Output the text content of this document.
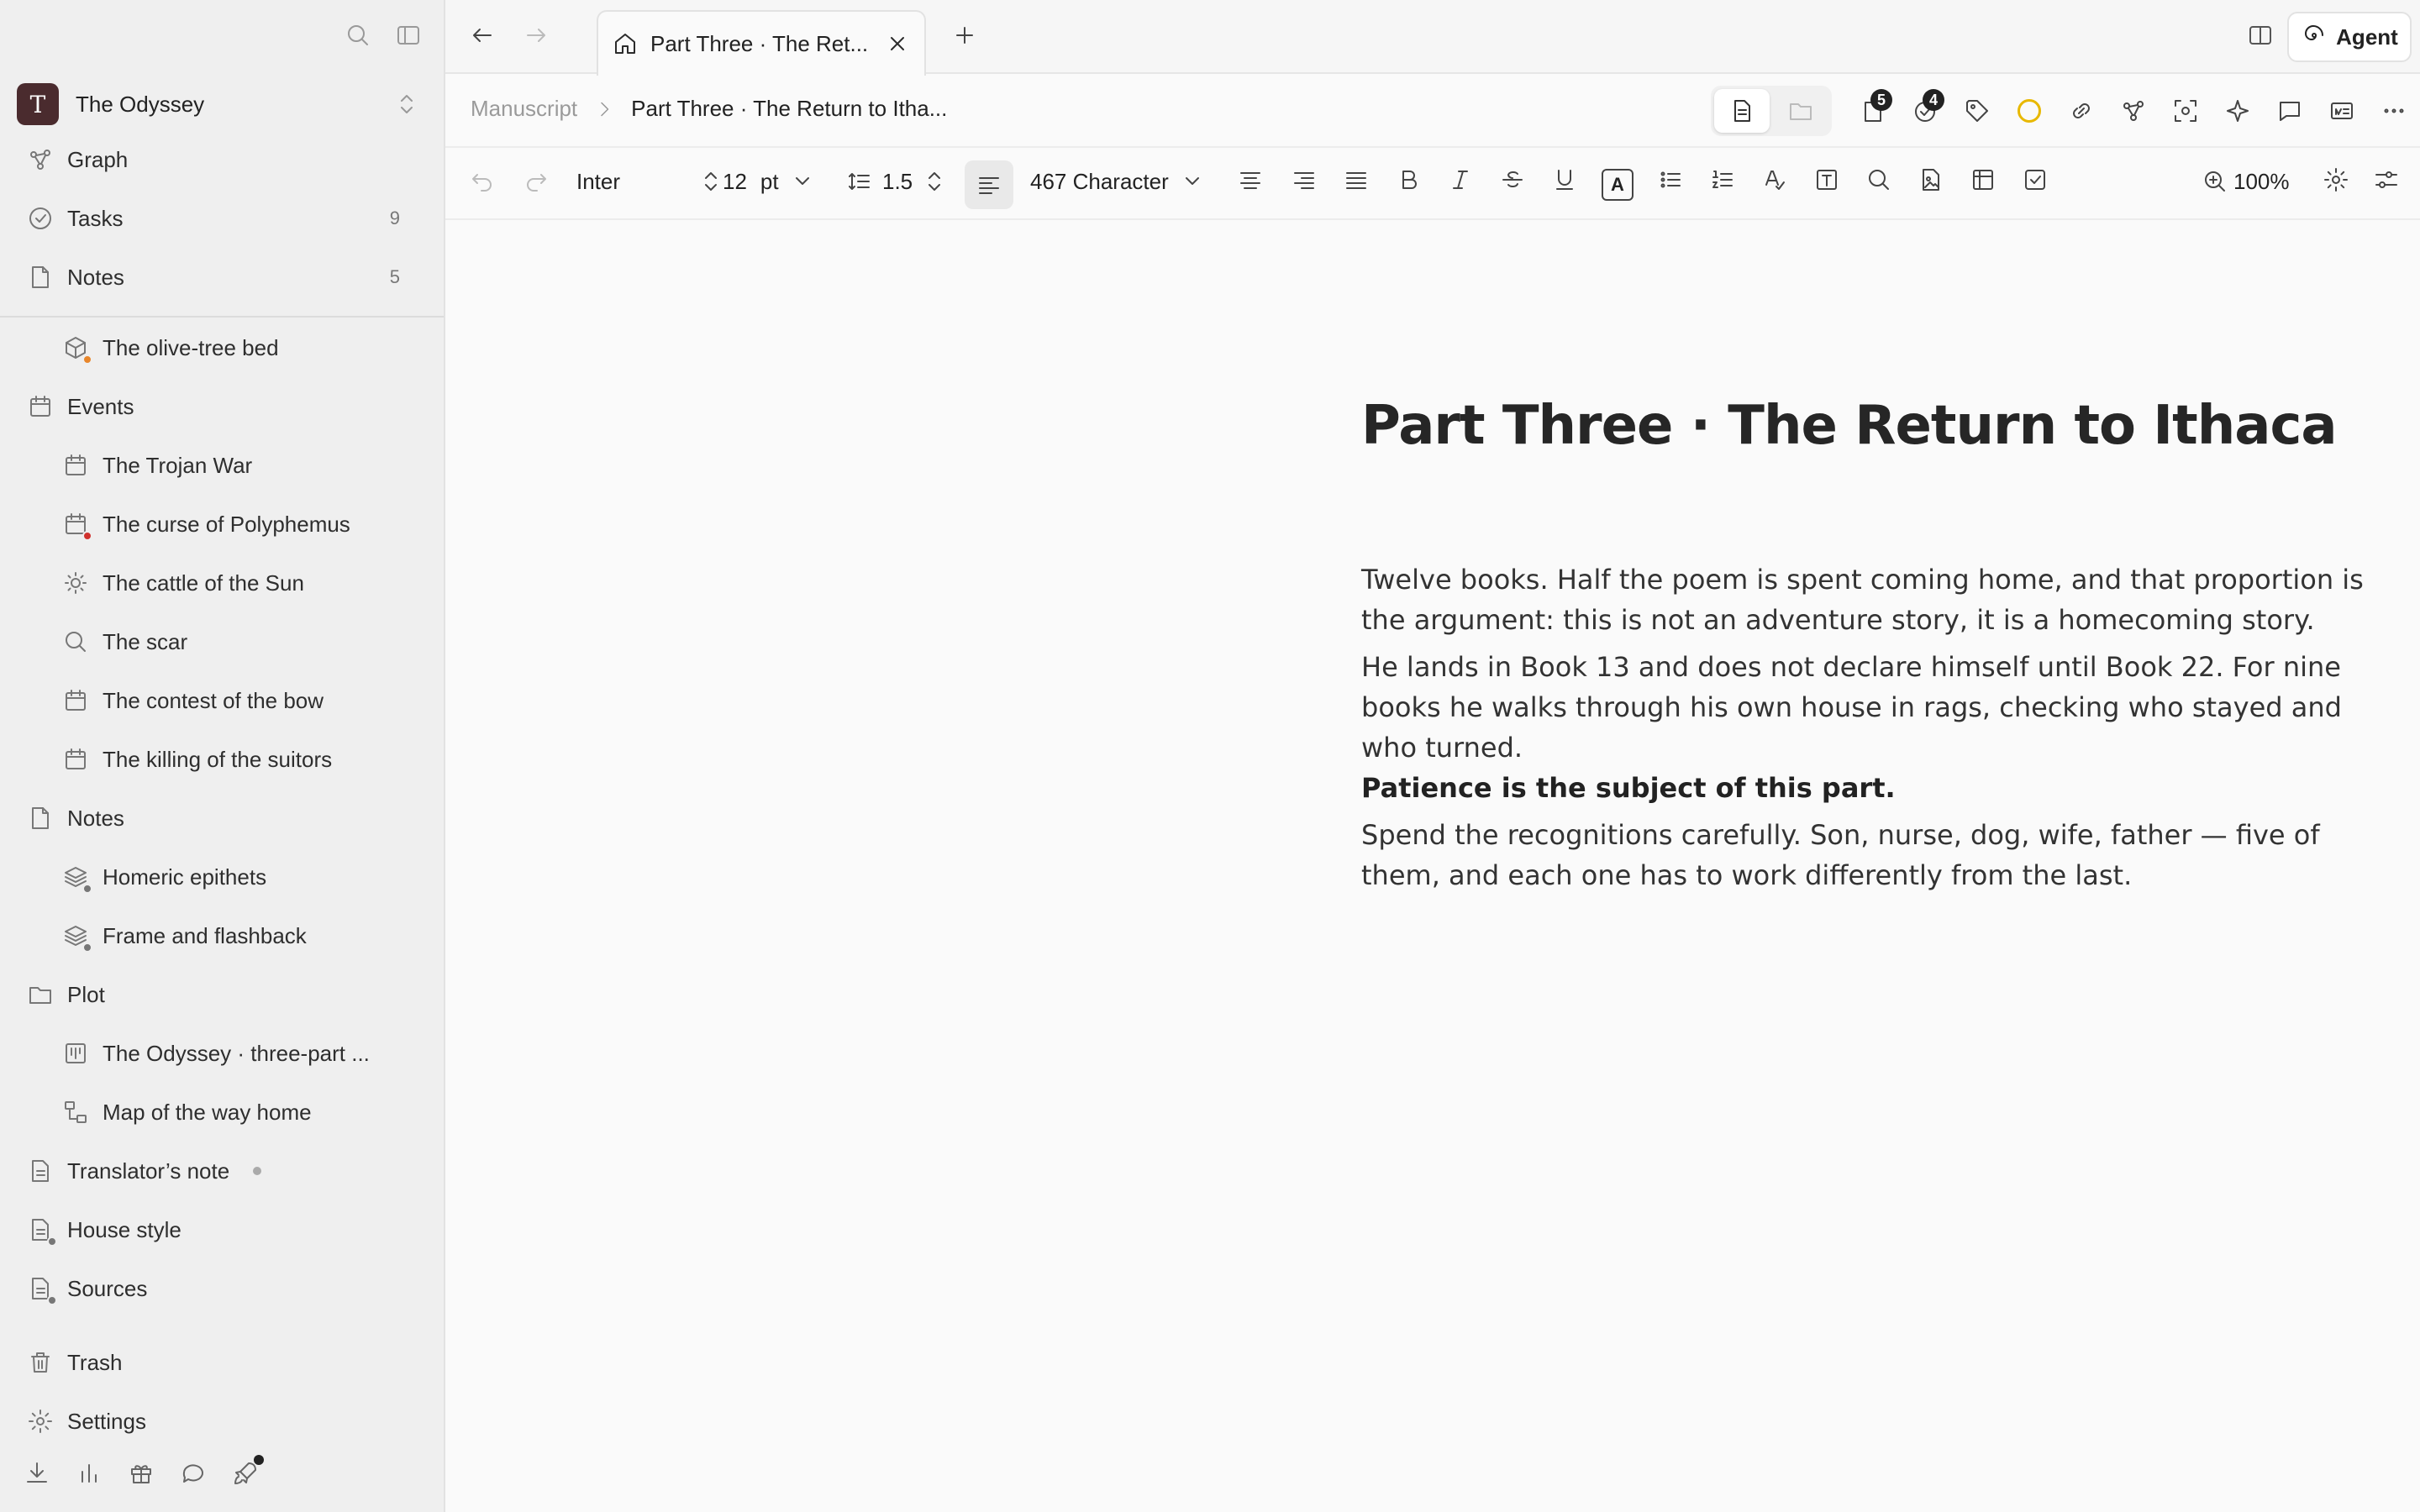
T	The Odyssey
Graph
Tasks	9
Notes	5
The olive-tree bed
Events
The Trojan War
The curse of Polyphemus
The cattle of the Sun
The scar
The contest of the bow
The killing of the suitors
Notes
Homeric epithets
Frame and flashback
Plot
The Odyssey · three-part ...
Map of the way home
Translator’s note
House style
Sources
Trash
Settings
Part Three · The Ret...	Agent
Manuscript Part Three · The Return to Itha...	5	4
Inter	12 pt	1.5	467 Character	A	100%
Part Three · The Return to Ithaca

Twelve books. Half the poem is spent coming home, and that proportion is the argument: this is not an adventure story, it is a homecoming story.

He lands in Book 13 and does not declare himself until Book 22. For nine books he walks through his own house in rags, checking who stayed and who turned.
Patience is the subject of this part.

Spend the recognitions carefully. Son, nurse, dog, wife, father — five of them, and each one has to work differently from the last.
